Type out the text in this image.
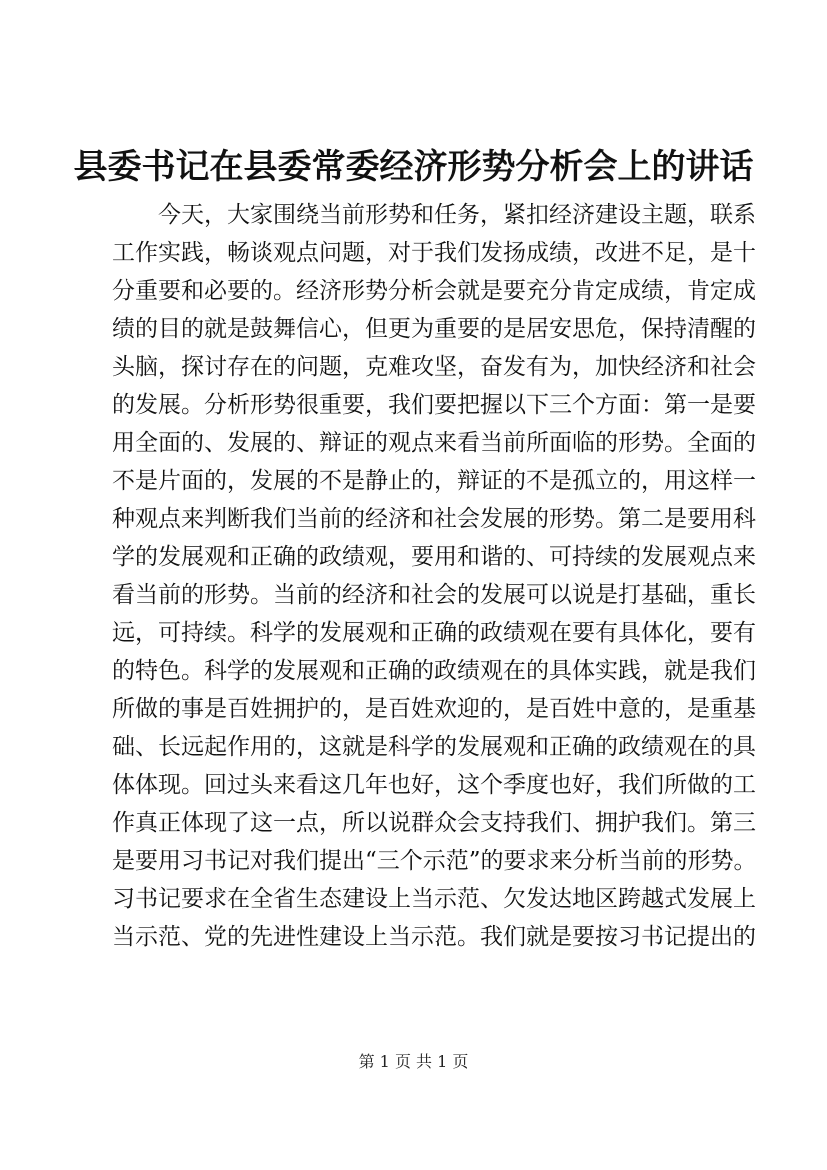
县委书记在县委常委经济形势分析会上的讲话
　　今天，大家围绕当前形势和任务，紧扣经济建设主题，联系
工作实践，畅谈观点问题，对于我们发扬成绩，改进不足，是十
分重要和必要的。经济形势分析会就是要充分肯定成绩，肯定成
绩的目的就是鼓舞信心，但更为重要的是居安思危，保持清醒的
头脑，探讨存在的问题，克难攻坚，奋发有为，加快经济和社会
的发展。分析形势很重要，我们要把握以下三个方面：第一是要
用全面的、发展的、辩证的观点来看当前所面临的形势。全面的
不是片面的，发展的不是静止的，辩证的不是孤立的，用这样一
种观点来判断我们当前的经济和社会发展的形势。第二是要用科
学的发展观和正确的政绩观，要用和谐的、可持续的发展观点来
看当前的形势。当前的经济和社会的发展可以说是打基础，重长
远，可持续。科学的发展观和正确的政绩观在要有具体化，要有
的特色。科学的发展观和正确的政绩观在的具体实践，就是我们
所做的事是百姓拥护的，是百姓欢迎的，是百姓中意的，是重基
础、长远起作用的，这就是科学的发展观和正确的政绩观在的具
体体现。回过头来看这几年也好，这个季度也好，我们所做的工
作真正体现了这一点，所以说群众会支持我们、拥护我们。第三
是要用习书记对我们提出“三个示范”的要求来分析当前的形势。
习书记要求在全省生态建设上当示范、欠发达地区跨越式发展上
当示范、党的先进性建设上当示范。我们就是要按习书记提出的
第 1 页 共 1 页
